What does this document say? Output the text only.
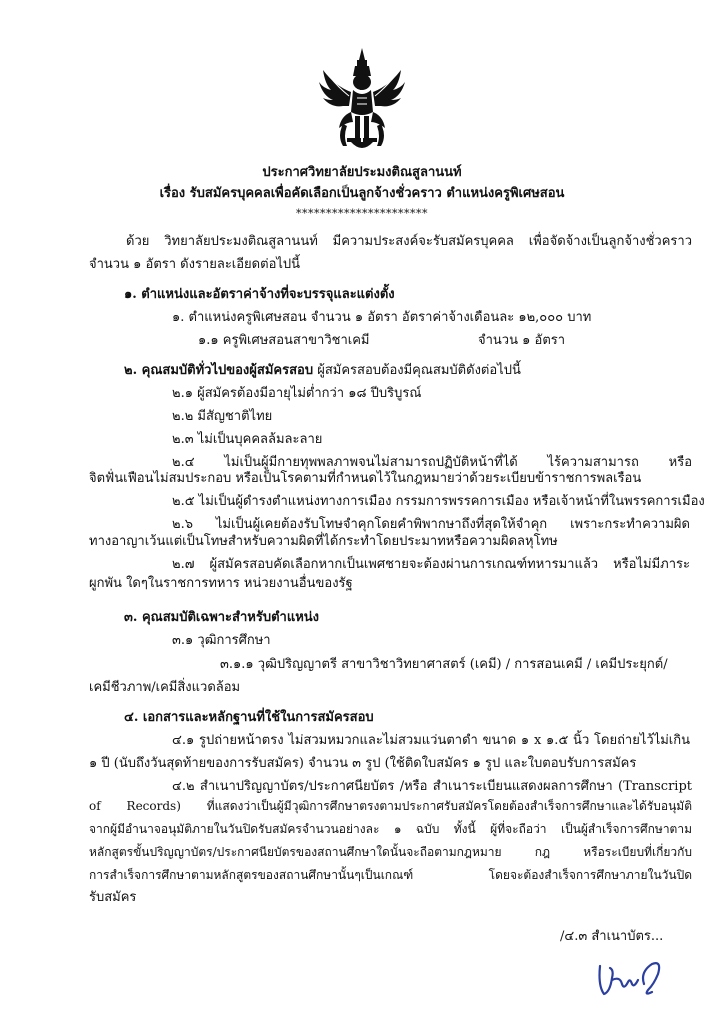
ประกาศวิทยาลัยประมงติณสูลานนท์
เรื่อง รับสมัครบุคคลเพื่อคัดเลือกเป็นลูกจ้างชั่วคราว ตำแหน่งครูพิเศษสอน
**********************
ด้วย วิทยาลัยประมงติณสูลานนท์ มีความประสงค์จะรับสมัครบุคคล เพื่อจัดจ้างเป็นลูกจ้างชั่วคราว
จำนวน ๑ อัตรา ดังรายละเอียดต่อไปนี้
๑. ตำแหน่งและอัตราค่าจ้างที่จะบรรจุและแต่งตั้ง
๑. ตำแหน่งครูพิเศษสอน จำนวน ๑ อัตรา อัตราค่าจ้างเดือนละ ๑๒,๐๐๐ บาท
๑.๑ ครูพิเศษสอนสาขาวิชาเคมี	จำนวน ๑ อัตรา
๒. คุณสมบัติทั่วไปของผู้สมัครสอบ ผู้สมัครสอบต้องมีคุณสมบัติดังต่อไปนี้
๒.๑ ผู้สมัครต้องมีอายุไม่ต่ำกว่า ๑๘ ปีบริบูรณ์
๒.๒ มีสัญชาติไทย
๒.๓ ไม่เป็นบุคคลล้มละลาย
๒.๔ ไม่เป็นผู้มีกายทุพพลภาพจนไม่สามารถปฏิบัติหน้าที่ได้ ไร้ความสามารถ หรือ
จิตฟั่นเฟือนไม่สมประกอบ หรือเป็นโรคตามที่กำหนดไว้ในกฎหมายว่าด้วยระเบียบข้าราชการพลเรือน
๒.๕ ไม่เป็นผู้ดำรงตำแหน่งทางการเมือง กรรมการพรรคการเมือง หรือเจ้าหน้าที่ในพรรคการเมือง
๒.๖ ไม่เป็นผู้เคยต้องรับโทษจำคุกโดยคำพิพากษาถึงที่สุดให้จำคุก เพราะกระทำความผิด
ทางอาญาเว้นแต่เป็นโทษสำหรับความผิดที่ได้กระทำโดยประมาทหรือความผิดลหุโทษ
๒.๗ ผู้สมัครสอบคัดเลือกหากเป็นเพศชายจะต้องผ่านการเกณฑ์ทหารมาแล้ว หรือไม่มีภาระ
ผูกพัน ใดๆในราชการทหาร หน่วยงานอื่นของรัฐ
๓. คุณสมบัติเฉพาะสำหรับตำแหน่ง
๓.๑ วุฒิการศึกษา
๓.๑.๑ วุฒิปริญญาตรี สาขาวิชาวิทยาศาสตร์ (เคมี) / การสอนเคมี / เคมีประยุกต์/
เคมีชีวภาพ/เคมีสิ่งแวดล้อม
๔. เอกสารและหลักฐานที่ใช้ในการสมัครสอบ
๔.๑ รูปถ่ายหน้าตรง ไม่สวมหมวกและไม่สวมแว่นตาดำ ขนาด ๑ x ๑.๕ นิ้ว โดยถ่ายไว้ไม่เกิน
๑ ปี (นับถึงวันสุดท้ายของการรับสมัคร) จำนวน ๓ รูป (ใช้ติดใบสมัคร ๑ รูป และใบตอบรับการสมัคร
๔.๒ สำเนาปริญญาบัตร/ประกาศนียบัตร /หรือ สำเนาระเบียนแสดงผลการศึกษา (Transcript
of Records) ที่แสดงว่าเป็นผู้มีวุฒิการศึกษาตรงตามประกาศรับสมัครโดยต้องสำเร็จการศึกษาและได้รับอนุมัติ
จากผู้มีอำนาจอนุมัติภายในวันปิดรับสมัครจำนวนอย่างละ ๑ ฉบับ ทั้งนี้ ผู้ที่จะถือว่า เป็นผู้สำเร็จการศึกษาตาม
หลักสูตรขั้นปริญญาบัตร/ประกาศนียบัตรของสถานศึกษาใดนั้นจะถือตามกฎหมาย กฎ หรือระเบียบที่เกี่ยวกับ
การสำเร็จการศึกษาตามหลักสูตรของสถานศึกษานั้นๆเป็นเกณฑ์ โดยจะต้องสำเร็จการศึกษาภายในวันปิด
รับสมัคร
/๔.๓ สำเนาบัตร...
